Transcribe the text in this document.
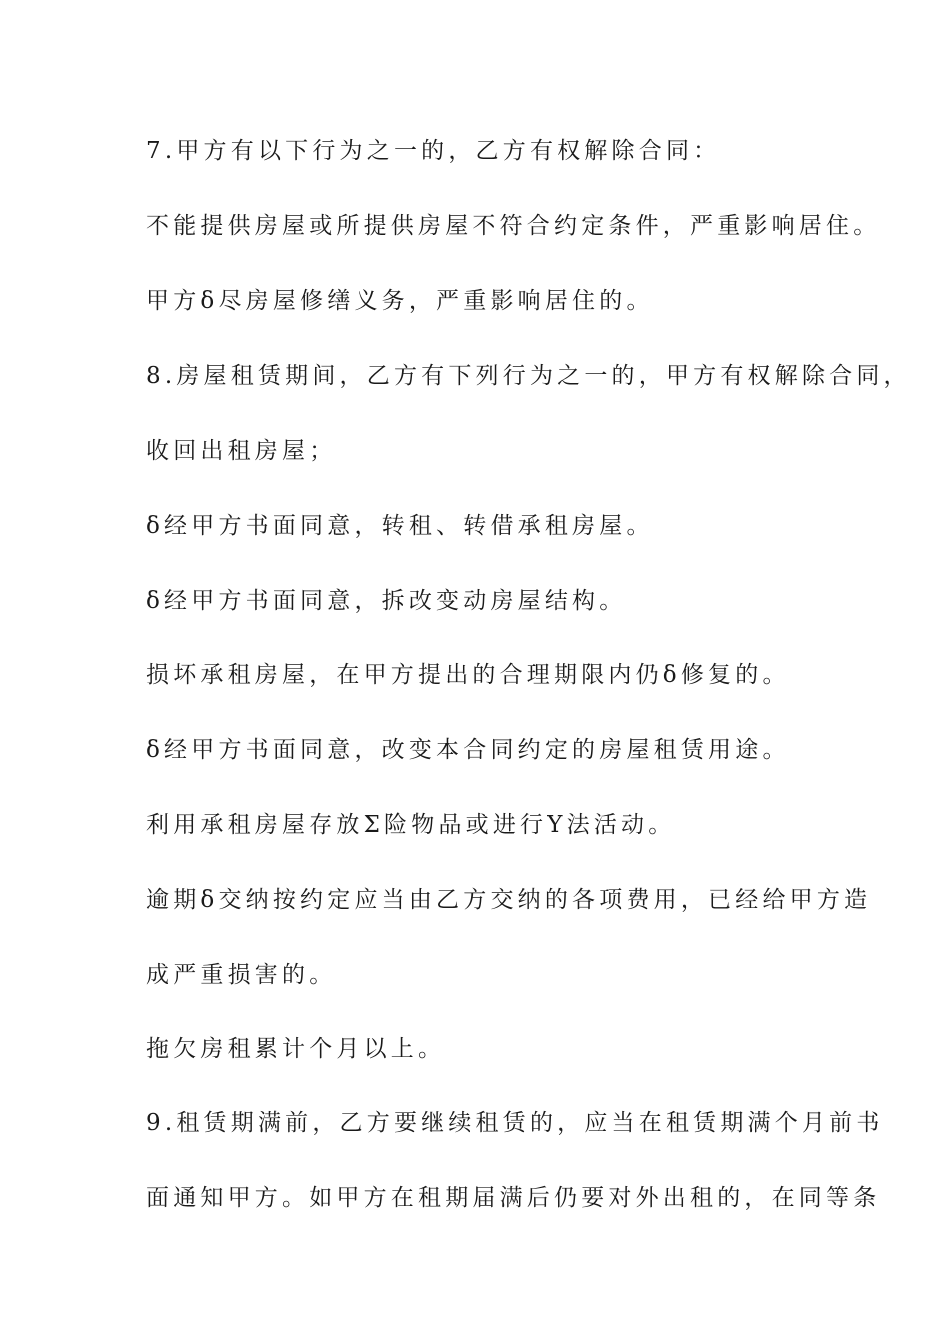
7.甲方有以下行为之一的，乙方有权解除合同：
不能提供房屋或所提供房屋不符合约定条件，严重影响居住。
甲方δ尽房屋修缮义务，严重影响居住的。
8.房屋租赁期间，乙方有下列行为之一的，甲方有权解除合同，
收回出租房屋；
δ经甲方书面同意，转租、转借承租房屋。
δ经甲方书面同意，拆改变动房屋结构。
损坏承租房屋，在甲方提出的合理期限内仍δ修复的。
δ经甲方书面同意，改变本合同约定的房屋租赁用途。
利用承租房屋存放Σ险物品或进行Y法活动。
逾期δ交纳按约定应当由乙方交纳的各项费用，已经给甲方造
成严重损害的。
拖欠房租累计个月以上。
9.租赁期满前，乙方要继续租赁的，应当在租赁期满个月前书
面通知甲方。如甲方在租期届满后仍要对外出租的，在同等条
